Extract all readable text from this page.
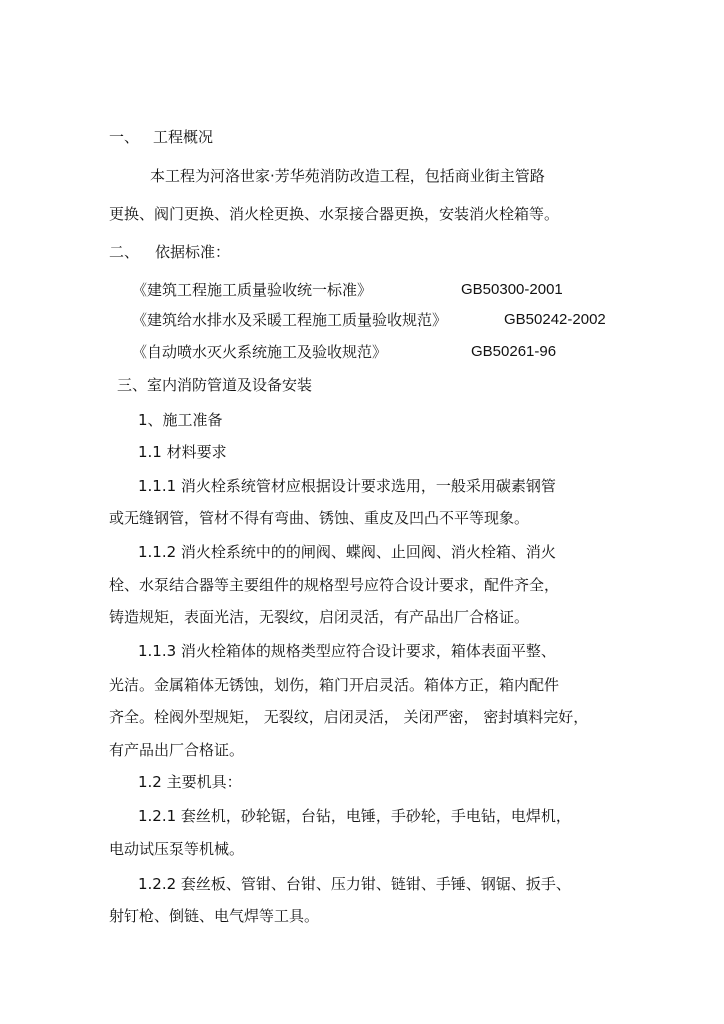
一、 工程概况
本工程为河洛世家·芳华苑消防改造工程，包括商业街主管路
更换、阀门更换、消火栓更换、水泵接合器更换，安装消火栓箱等。
二、 依据标准：
《建筑工程施工质量验收统一标准》	GB50300-2001
《建筑给水排水及采暖工程施工质量验收规范》	GB50242-2002
《自动喷水灭火系统施工及验收规范》	GB50261-96
三、室内消防管道及设备安装
1、施工准备
1.1 材料要求
1.1.1 消火栓系统管材应根据设计要求选用，一般采用碳素钢管
或无缝钢管，管材不得有弯曲、锈蚀、重皮及凹凸不平等现象。
1.1.2 消火栓系统中的的闸阀、蝶阀、止回阀、消火栓箱、消火
栓、水泵结合器等主要组件的规格型号应符合设计要求，配件齐全，
铸造规矩，表面光洁，无裂纹，启闭灵活，有产品出厂合格证。
1.1.3 消火栓箱体的规格类型应符合设计要求，箱体表面平整、
光洁。金属箱体无锈蚀，划伤，箱门开启灵活。箱体方正，箱内配件
齐全。栓阀外型规矩， 无裂纹，启闭灵活， 关闭严密， 密封填料完好，
有产品出厂合格证。
1.2 主要机具：
1.2.1 套丝机，砂轮锯，台钻，电锤，手砂轮，手电钻，电焊机，
电动试压泵等机械。
1.2.2 套丝板、管钳、台钳、压力钳、链钳、手锤、钢锯、扳手、
射钉枪、倒链、电气焊等工具。
